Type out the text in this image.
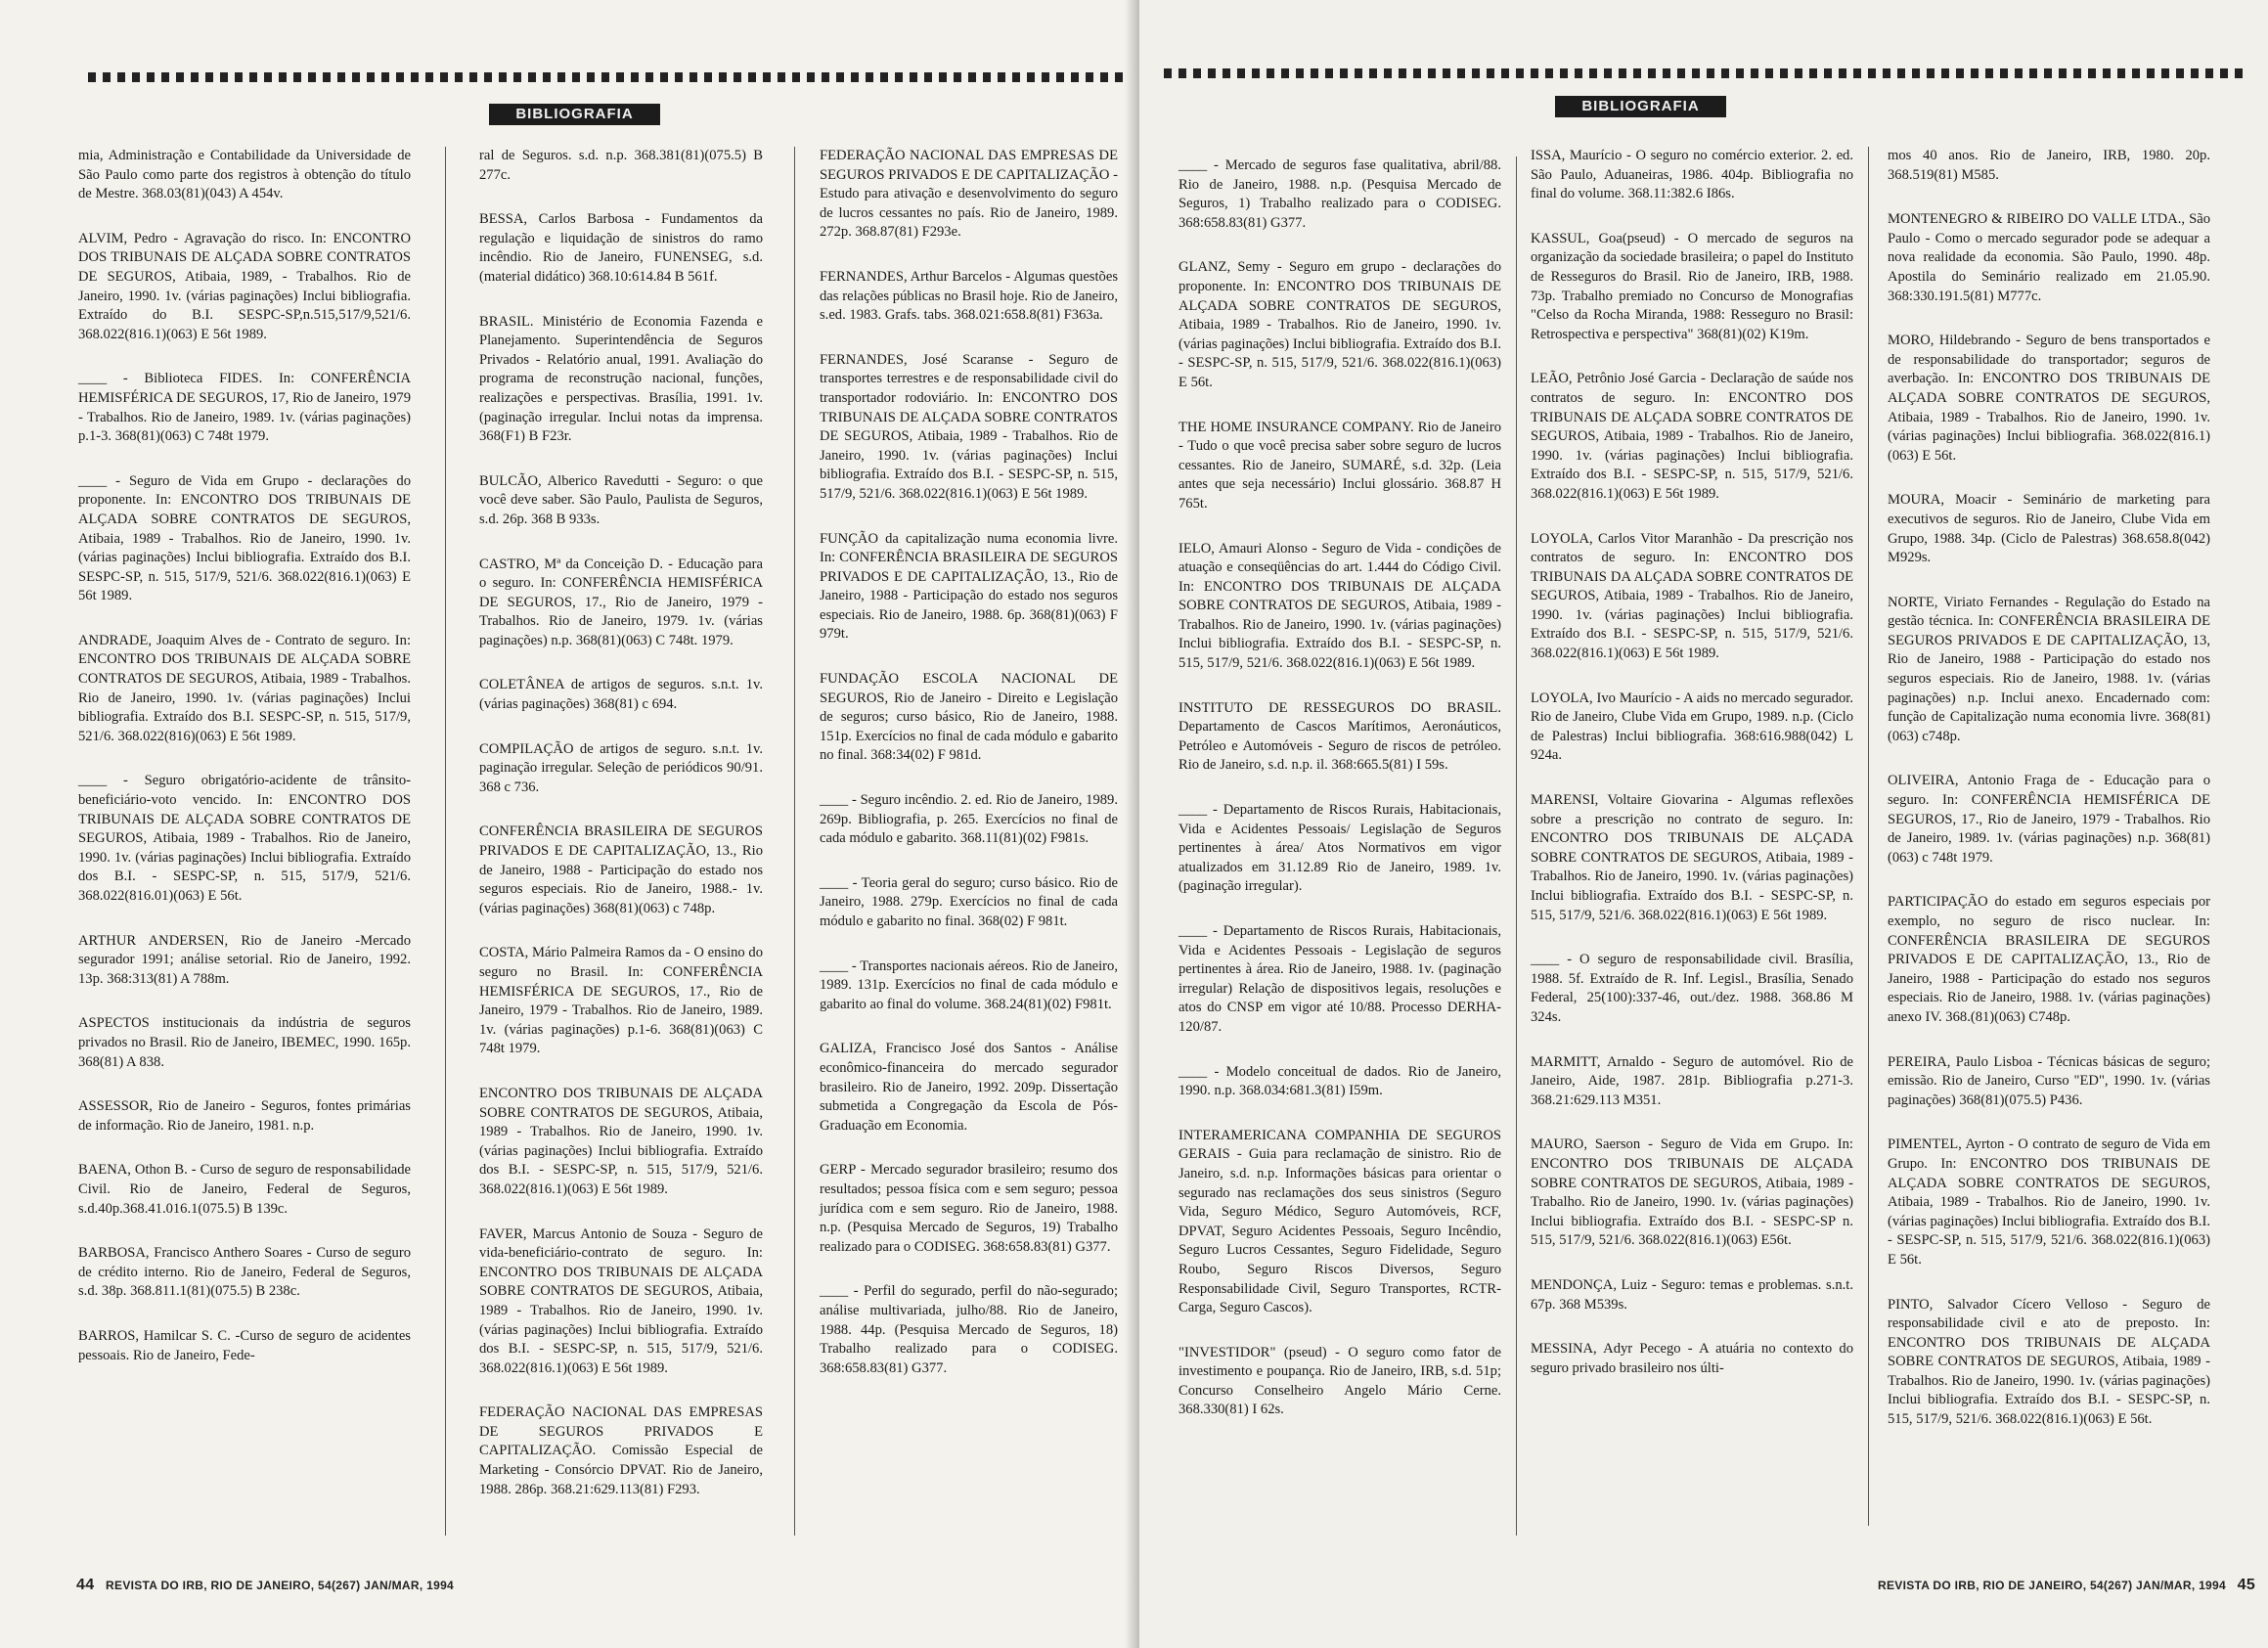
BIBLIOGRAFIA

mia, Administração e Contabilidade da Universidade de São Paulo como parte dos registros à obtenção do título de Mestre. 368.03(81)(043) A 454v.

ALVIM, Pedro - Agravação do risco. In: ENCONTRO DOS TRIBUNAIS DE ALÇADA SOBRE CONTRATOS DE SEGUROS, Atibaia, 1989, - Trabalhos. Rio de Janeiro, 1990. 1v. (várias paginações) Inclui bibliografia. Extraído do B.I. SESPC-SP,n.515,517/9,521/6. 368.022(816.1)(063) E 56t 1989.

____ - Biblioteca FIDES. In: CONFERÊNCIA HEMISFÉRICA DE SEGUROS, 17, Rio de Janeiro, 1979 - Trabalhos. Rio de Janeiro, 1989. 1v. (várias paginações) p.1-3. 368(81)(063) C 748t 1979.

____ - Seguro de Vida em Grupo - declarações do proponente. In: ENCONTRO DOS TRIBUNAIS DE ALÇADA SOBRE CONTRATOS DE SEGUROS, Atibaia, 1989 - Trabalhos. Rio de Janeiro, 1990. 1v. (várias paginações) Inclui bibliografia. Extraído dos B.I. SESPC-SP, n. 515, 517/9, 521/6. 368.022(816.1)(063) E 56t 1989.

ANDRADE, Joaquim Alves de - Contrato de seguro. In: ENCONTRO DOS TRIBUNAIS DE ALÇADA SOBRE CONTRATOS DE SEGUROS, Atibaia, 1989 - Trabalhos. Rio de Janeiro, 1990. 1v. (várias paginações) Inclui bibliografia. Extraído dos B.I. SESPC-SP, n. 515, 517/9, 521/6. 368.022(816)(063) E 56t 1989.

____ - Seguro obrigatório-acidente de trânsito-beneficiário-voto vencido. In: ENCONTRO DOS TRIBUNAIS DE ALÇADA SOBRE CONTRATOS DE SEGUROS, Atibaia, 1989 - Trabalhos. Rio de Janeiro, 1990. 1v. (várias paginações) Inclui bibliografia. Extraído dos B.I. - SESPC-SP, n. 515, 517/9, 521/6. 368.022(816.01)(063) E 56t.

ARTHUR ANDERSEN, Rio de Janeiro -Mercado segurador 1991; análise setorial. Rio de Janeiro, 1992. 13p. 368:313(81) A 788m.

ASPECTOS institucionais da indústria de seguros privados no Brasil. Rio de Janeiro, IBEMEC, 1990. 165p. 368(81) A 838.

ASSESSOR, Rio de Janeiro - Seguros, fontes primárias de informação. Rio de Janeiro, 1981. n.p.

BAENA, Othon B. - Curso de seguro de responsabilidade Civil. Rio de Janeiro, Federal de Seguros, s.d.40p.368.41.016.1(075.5) B 139c.

BARBOSA, Francisco Anthero Soares - Curso de seguro de crédito interno. Rio de Janeiro, Federal de Seguros, s.d. 38p. 368.811.1(81)(075.5) B 238c.

BARROS, Hamilcar S. C. -Curso de seguro de acidentes pessoais. Rio de Janeiro, Fede-

ral de Seguros. s.d. n.p. 368.381(81)(075.5) B 277c.

BESSA, Carlos Barbosa - Fundamentos da regulação e liquidação de sinistros do ramo incêndio. Rio de Janeiro, FUNENSEG, s.d. (material didático) 368.10:614.84 B 561f.

BRASIL. Ministério de Economia Fazenda e Planejamento. Superintendência de Seguros Privados - Relatório anual, 1991. Avaliação do programa de reconstrução nacional, funções, realizações e perspectivas. Brasília, 1991. 1v. (paginação irregular. Inclui notas da imprensa. 368(F1) B F23r.

BULCÃO, Alberico Ravedutti - Seguro: o que você deve saber. São Paulo, Paulista de Seguros, s.d. 26p. 368 B 933s.

CASTRO, Mª da Conceição D. - Educação para o seguro. In: CONFERÊNCIA HEMISFÉRICA DE SEGUROS, 17., Rio de Janeiro, 1979 - Trabalhos. Rio de Janeiro, 1979. 1v. (várias paginações) n.p. 368(81)(063) C 748t. 1979.

COLETÂNEA de artigos de seguros. s.n.t. 1v. (várias paginações) 368(81) c 694.

COMPILAÇÃO de artigos de seguro. s.n.t. 1v. paginação irregular. Seleção de periódicos 90/91. 368 c 736.

CONFERÊNCIA BRASILEIRA DE SEGUROS PRIVADOS E DE CAPITALIZAÇÃO, 13., Rio de Janeiro, 1988 - Participação do estado nos seguros especiais. Rio de Janeiro, 1988.- 1v. (várias paginações) 368(81)(063) c 748p.

COSTA, Mário Palmeira Ramos da - O ensino do seguro no Brasil. In: CONFERÊNCIA HEMISFÉRICA DE SEGUROS, 17., Rio de Janeiro, 1979 - Trabalhos. Rio de Janeiro, 1989. 1v. (várias paginações) p.1-6. 368(81)(063) C 748t 1979.

ENCONTRO DOS TRIBUNAIS DE ALÇADA SOBRE CONTRATOS DE SEGUROS, Atibaia, 1989 - Trabalhos. Rio de Janeiro, 1990. 1v. (várias paginações) Inclui bibliografia. Extraído dos B.I. - SESPC-SP, n. 515, 517/9, 521/6. 368.022(816.1)(063) E 56t 1989.

FAVER, Marcus Antonio de Souza - Seguro de vida-beneficiário-contrato de seguro. In: ENCONTRO DOS TRIBUNAIS DE ALÇADA SOBRE CONTRATOS DE SEGUROS, Atibaia, 1989 - Trabalhos. Rio de Janeiro, 1990. 1v. (várias paginações) Inclui bibliografia. Extraído dos B.I. - SESPC-SP, n. 515, 517/9, 521/6. 368.022(816.1)(063) E 56t 1989.

FEDERAÇÃO NACIONAL DAS EMPRESAS DE SEGUROS PRIVADOS E CAPITALIZAÇÃO. Comissão Especial de Marketing - Consórcio DPVAT. Rio de Janeiro, 1988. 286p. 368.21:629.113(81) F293.

FEDERAÇÃO NACIONAL DAS EMPRESAS DE SEGUROS PRIVADOS E DE CAPITALIZAÇÃO - Estudo para ativação e desenvolvimento do seguro de lucros cessantes no país. Rio de Janeiro, 1989. 272p. 368.87(81) F293e.

FERNANDES, Arthur Barcelos - Algumas questões das relações públicas no Brasil hoje. Rio de Janeiro, s.ed. 1983. Grafs. tabs. 368.021:658.8(81) F363a.

FERNANDES, José Scaranse - Seguro de transportes terrestres e de responsabilidade civil do transportador rodoviário. In: ENCONTRO DOS TRIBUNAIS DE ALÇADA SOBRE CONTRATOS DE SEGUROS, Atibaia, 1989 - Trabalhos. Rio de Janeiro, 1990. 1v. (várias paginações) Inclui bibliografia. Extraído dos B.I. - SESPC-SP, n. 515, 517/9, 521/6. 368.022(816.1)(063) E 56t 1989.

FUNÇÃO da capitalização numa economia livre. In: CONFERÊNCIA BRASILEIRA DE SEGUROS PRIVADOS E DE CAPITALIZAÇÃO, 13., Rio de Janeiro, 1988 - Participação do estado nos seguros especiais. Rio de Janeiro, 1988. 6p. 368(81)(063) F 979t.

FUNDAÇÃO ESCOLA NACIONAL DE SEGUROS, Rio de Janeiro - Direito e Legislação de seguros; curso básico, Rio de Janeiro, 1988. 151p. Exercícios no final de cada módulo e gabarito no final. 368:34(02) F 981d.

____ - Seguro incêndio. 2. ed. Rio de Janeiro, 1989. 269p. Bibliografia, p. 265. Exercícios no final de cada módulo e gabarito. 368.11(81)(02) F981s.

____ - Teoria geral do seguro; curso básico. Rio de Janeiro, 1988. 279p. Exercícios no final de cada módulo e gabarito no final. 368(02) F 981t.

____ - Transportes nacionais aéreos. Rio de Janeiro, 1989. 131p. Exercícios no final de cada módulo e gabarito ao final do volume. 368.24(81)(02) F981t.

GALIZA, Francisco José dos Santos - Análise econômico-financeira do mercado segurador brasileiro. Rio de Janeiro, 1992. 209p. Dissertação submetida a Congregação da Escola de Pós-Graduação em Economia.

GERP - Mercado segurador brasileiro; resumo dos resultados; pessoa física com e sem seguro; pessoa jurídica com e sem seguro. Rio de Janeiro, 1988. n.p. (Pesquisa Mercado de Seguros, 19) Trabalho realizado para o CODISEG. 368:658.83(81) G377.

____ - Perfil do segurado, perfil do não-segurado; análise multivariada, julho/88. Rio de Janeiro, 1988. 44p. (Pesquisa Mercado de Seguros, 18) Trabalho realizado para o CODISEG. 368:658.83(81) G377.

44 REVISTA DO IRB, RIO DE JANEIRO, 54(267) JAN/MAR, 1994
BIBLIOGRAFIA

____ - Mercado de seguros fase qualitativa, abril/88. Rio de Janeiro, 1988. n.p. (Pesquisa Mercado de Seguros, 1) Trabalho realizado para o CODISEG. 368:658.83(81) G377.

GLANZ, Semy - Seguro em grupo - declarações do proponente. In: ENCONTRO DOS TRIBUNAIS DE ALÇADA SOBRE CONTRATOS DE SEGUROS, Atibaia, 1989 - Trabalhos. Rio de Janeiro, 1990. 1v. (várias paginações) Inclui bibliografia. Extraído dos B.I. - SESPC-SP, n. 515, 517/9, 521/6. 368.022(816.1)(063) E 56t.

THE HOME INSURANCE COMPANY. Rio de Janeiro - Tudo o que você precisa saber sobre seguro de lucros cessantes. Rio de Janeiro, SUMARÉ, s.d. 32p. (Leia antes que seja necessário) Inclui glossário. 368.87 H 765t.

IELO, Amauri Alonso - Seguro de Vida - condições de atuação e conseqüências do art. 1.444 do Código Civil. In: ENCONTRO DOS TRIBUNAIS DE ALÇADA SOBRE CONTRATOS DE SEGUROS, Atibaia, 1989 - Trabalhos. Rio de Janeiro, 1990. 1v. (várias paginações) Inclui bibliografia. Extraído dos B.I. - SESPC-SP, n. 515, 517/9, 521/6. 368.022(816.1)(063) E 56t 1989.

INSTITUTO DE RESSEGUROS DO BRASIL. Departamento de Cascos Marítimos, Aeronáuticos, Petróleo e Automóveis - Seguro de riscos de petróleo. Rio de Janeiro, s.d. n.p. il. 368:665.5(81) I 59s.

____ - Departamento de Riscos Rurais, Habitacionais, Vida e Acidentes Pessoais/ Legislação de Seguros pertinentes à área/ Atos Normativos em vigor atualizados em 31.12.89 Rio de Janeiro, 1989. 1v. (paginação irregular).

____ - Departamento de Riscos Rurais, Habitacionais, Vida e Acidentes Pessoais - Legislação de seguros pertinentes à área. Rio de Janeiro, 1988. 1v. (paginação irregular) Relação de dispositivos legais, resoluções e atos do CNSP em vigor até 10/88. Processo DERHA-120/87.

____ - Modelo conceitual de dados. Rio de Janeiro, 1990. n.p. 368.034:681.3(81) I59m.

INTERAMERICANA COMPANHIA DE SEGUROS GERAIS - Guia para reclamação de sinistro. Rio de Janeiro, s.d. n.p. Informações básicas para orientar o segurado nas reclamações dos seus sinistros (Seguro Vida, Seguro Médico, Seguro Automóveis, RCF, DPVAT, Seguro Acidentes Pessoais, Seguro Incêndio, Seguro Lucros Cessantes, Seguro Fidelidade, Seguro Roubo, Seguro Riscos Diversos, Seguro Responsabilidade Civil, Seguro Transportes, RCTR-Carga, Seguro Cascos).

"INVESTIDOR" (pseud) - O seguro como fator de investimento e poupança. Rio de Janeiro, IRB, s.d. 51p; Concurso Conselheiro Angelo Mário Cerne. 368.330(81) I 62s.

ISSA, Maurício - O seguro no comércio exterior. 2. ed. São Paulo, Aduaneiras, 1986. 404p. Bibliografia no final do volume. 368.11:382.6 I86s.

KASSUL, Goa(pseud) - O mercado de seguros na organização da sociedade brasileira; o papel do Instituto de Resseguros do Brasil. Rio de Janeiro, IRB, 1988. 73p. Trabalho premiado no Concurso de Monografias "Celso da Rocha Miranda, 1988: Resseguro no Brasil: Retrospectiva e perspectiva" 368(81)(02) K19m.

LEÃO, Petrônio José Garcia - Declaração de saúde nos contratos de seguro. In: ENCONTRO DOS TRIBUNAIS DE ALÇADA SOBRE CONTRATOS DE SEGUROS, Atibaia, 1989 - Trabalhos. Rio de Janeiro, 1990. 1v. (várias paginações) Inclui bibliografia. Extraído dos B.I. - SESPC-SP, n. 515, 517/9, 521/6. 368.022(816.1)(063) E 56t 1989.

LOYOLA, Carlos Vitor Maranhão - Da prescrição nos contratos de seguro. In: ENCONTRO DOS TRIBUNAIS DA ALÇADA SOBRE CONTRATOS DE SEGUROS, Atibaia, 1989 - Trabalhos. Rio de Janeiro, 1990. 1v. (várias paginações) Inclui bibliografia. Extraído dos B.I. - SESPC-SP, n. 515, 517/9, 521/6. 368.022(816.1)(063) E 56t 1989.

LOYOLA, Ivo Maurício - A aids no mercado segurador. Rio de Janeiro, Clube Vida em Grupo, 1989. n.p. (Ciclo de Palestras) Inclui bibliografia. 368:616.988(042) L 924a.

MARENSI, Voltaire Giovarina - Algumas reflexões sobre a prescrição no contrato de seguro. In: ENCONTRO DOS TRIBUNAIS DE ALÇADA SOBRE CONTRATOS DE SEGUROS, Atibaia, 1989 - Trabalhos. Rio de Janeiro, 1990. 1v. (várias paginações) Inclui bibliografia. Extraído dos B.I. - SESPC-SP, n. 515, 517/9, 521/6. 368.022(816.1)(063) E 56t 1989.

____ - O seguro de responsabilidade civil. Brasília, 1988. 5f. Extraído de R. Inf. Legisl., Brasília, Senado Federal, 25(100):337-46, out./dez. 1988. 368.86 M 324s.

MARMITT, Arnaldo - Seguro de automóvel. Rio de Janeiro, Aide, 1987. 281p. Bibliografia p.271-3. 368.21:629.113 M351.

MAURO, Saerson - Seguro de Vida em Grupo. In: ENCONTRO DOS TRIBUNAIS DE ALÇADA SOBRE CONTRATOS DE SEGUROS, Atibaia, 1989 - Trabalho. Rio de Janeiro, 1990. 1v. (várias paginações) Inclui bibliografia. Extraído dos B.I. - SESPC-SP n. 515, 517/9, 521/6. 368.022(816.1)(063) E56t.

MENDONÇA, Luiz - Seguro: temas e problemas. s.n.t. 67p. 368 M539s.

MESSINA, Adyr Pecego - A atuária no contexto do seguro privado brasileiro nos últi-

mos 40 anos. Rio de Janeiro, IRB, 1980. 20p. 368.519(81) M585.

MONTENEGRO & RIBEIRO DO VALLE LTDA., São Paulo - Como o mercado segurador pode se adequar a nova realidade da economia. São Paulo, 1990. 48p. Apostila do Seminário realizado em 21.05.90. 368:330.191.5(81) M777c.

MORO, Hildebrando - Seguro de bens transportados e de responsabilidade do transportador; seguros de averbação. In: ENCONTRO DOS TRIBUNAIS DE ALÇADA SOBRE CONTRATOS DE SEGUROS, Atibaia, 1989 - Trabalhos. Rio de Janeiro, 1990. 1v. (várias paginações) Inclui bibliografia. 368.022(816.1)(063) E 56t.

MOURA, Moacir - Seminário de marketing para executivos de seguros. Rio de Janeiro, Clube Vida em Grupo, 1988. 34p. (Ciclo de Palestras) 368.658.8(042) M929s.

NORTE, Viriato Fernandes - Regulação do Estado na gestão técnica. In: CONFERÊNCIA BRASILEIRA DE SEGUROS PRIVADOS E DE CAPITALIZAÇÃO, 13, Rio de Janeiro, 1988 - Participação do estado nos seguros especiais. Rio de Janeiro, 1988. 1v. (várias paginações) n.p. Inclui anexo. Encadernado com: função de Capitalização numa economia livre. 368(81)(063) c748p.

OLIVEIRA, Antonio Fraga de - Educação para o seguro. In: CONFERÊNCIA HEMISFÉRICA DE SEGUROS, 17., Rio de Janeiro, 1979 - Trabalhos. Rio de Janeiro, 1989. 1v. (várias paginações) n.p. 368(81)(063) c 748t 1979.

PARTICIPAÇÃO do estado em seguros especiais por exemplo, no seguro de risco nuclear. In: CONFERÊNCIA BRASILEIRA DE SEGUROS PRIVADOS E DE CAPITALIZAÇÃO, 13., Rio de Janeiro, 1988 - Participação do estado nos seguros especiais. Rio de Janeiro, 1988. 1v. (várias paginações) anexo IV. 368.(81)(063) C748p.

PEREIRA, Paulo Lisboa - Técnicas básicas de seguro; emissão. Rio de Janeiro, Curso "ED", 1990. 1v. (várias paginações) 368(81)(075.5) P436.

PIMENTEL, Ayrton - O contrato de seguro de Vida em Grupo. In: ENCONTRO DOS TRIBUNAIS DE ALÇADA SOBRE CONTRATOS DE SEGUROS, Atibaia, 1989 - Trabalhos. Rio de Janeiro, 1990. 1v. (várias paginações) Inclui bibliografia. Extraído dos B.I. - SESPC-SP, n. 515, 517/9, 521/6. 368.022(816.1)(063) E 56t.

PINTO, Salvador Cícero Velloso - Seguro de responsabilidade civil e ato de preposto. In: ENCONTRO DOS TRIBUNAIS DE ALÇADA SOBRE CONTRATOS DE SEGUROS, Atibaia, 1989 - Trabalhos. Rio de Janeiro, 1990. 1v. (várias paginações) Inclui bibliografia. Extraído dos B.I. - SESPC-SP, n. 515, 517/9, 521/6. 368.022(816.1)(063) E 56t.

REVISTA DO IRB, RIO DE JANEIRO, 54(267) JAN/MAR, 1994 45
